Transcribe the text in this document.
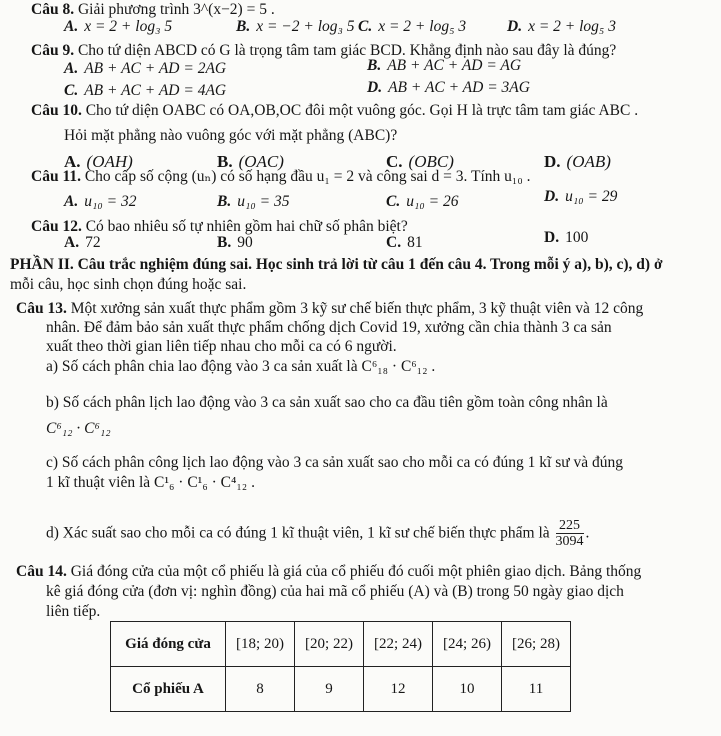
Câu 8. Giải phương trình 3^(x−2) = 5 .
A. x = 2 + log₃ 5	B. x = −2 + log₃ 5 C. x = 2 + log₅ 3	D. x = 2 + log₅ 3
Câu 9. Cho tứ diện ABCD có G là trọng tâm tam giác BCD. Khẳng định nào sau đây là đúng?
A. AB + AC + AD = 2AG	B. AB + AC + AD = AG
C. AB + AC + AD = 4AG	D. AB + AC + AD = 3AG
Câu 10. Cho tứ diện OABC có OA,OB,OC đôi một vuông góc. Gọi H là trực tâm tam giác ABC .
Hỏi mặt phẳng nào vuông góc với mặt phẳng (ABC)?
A. (OAH)	B. (OAC)	C. (OBC)	D. (OAB)
Câu 11. Cho cấp số cộng (uₙ) có số hạng đầu u₁ = 2 và công sai d = 3. Tính u₁₀ .
A. u₁₀ = 32	B. u₁₀ = 35	C. u₁₀ = 26	D. u₁₀ = 29
Câu 12. Có bao nhiêu số tự nhiên gồm hai chữ số phân biệt?
A. 72	B. 90	C. 81	D. 100
PHẦN II. Câu trắc nghiệm đúng sai. Học sinh trả lời từ câu 1 đến câu 4. Trong mỗi ý a), b), c), d) ở
mỗi câu, học sinh chọn đúng hoặc sai.
Câu 13. Một xưởng sản xuất thực phẩm gồm 3 kỹ sư chế biến thực phẩm, 3 kỹ thuật viên và 12 công
nhân. Để đảm bảo sản xuất thực phẩm chống dịch Covid 19, xưởng cần chia thành 3 ca sản
xuất theo thời gian liên tiếp nhau cho mỗi ca có 6 người.
a) Số cách phân chia lao động vào 3 ca sản xuất là C⁶₁₈ · C⁶₁₂ .
b) Số cách phân lịch lao động vào 3 ca sản xuất sao cho ca đầu tiên gồm toàn công nhân là
C⁶₁₂ · C⁶₁₂
c) Số cách phân công lịch lao động vào 3 ca sản xuất sao cho mỗi ca có đúng 1 kĩ sư và đúng
1 kĩ thuật viên là C¹₆ · C¹₆ · C⁴₁₂ .
d) Xác suất sao cho mỗi ca có đúng 1 kĩ thuật viên, 1 kĩ sư chế biến thực phẩm là $\frac{225}{3094}$ .
Câu 14. Giá đóng cửa của một cổ phiếu là giá của cổ phiếu đó cuối một phiên giao dịch. Bảng thống
kê giá đóng cửa (đơn vị: nghìn đồng) của hai mã cổ phiếu (A) và (B) trong 50 ngày giao dịch
liên tiếp.
Giá đóng cửa	[18; 20)	[20; 22)	[22; 24)	[24; 26)	[26; 28)
Cổ phiếu A	8	9	12	10	11
